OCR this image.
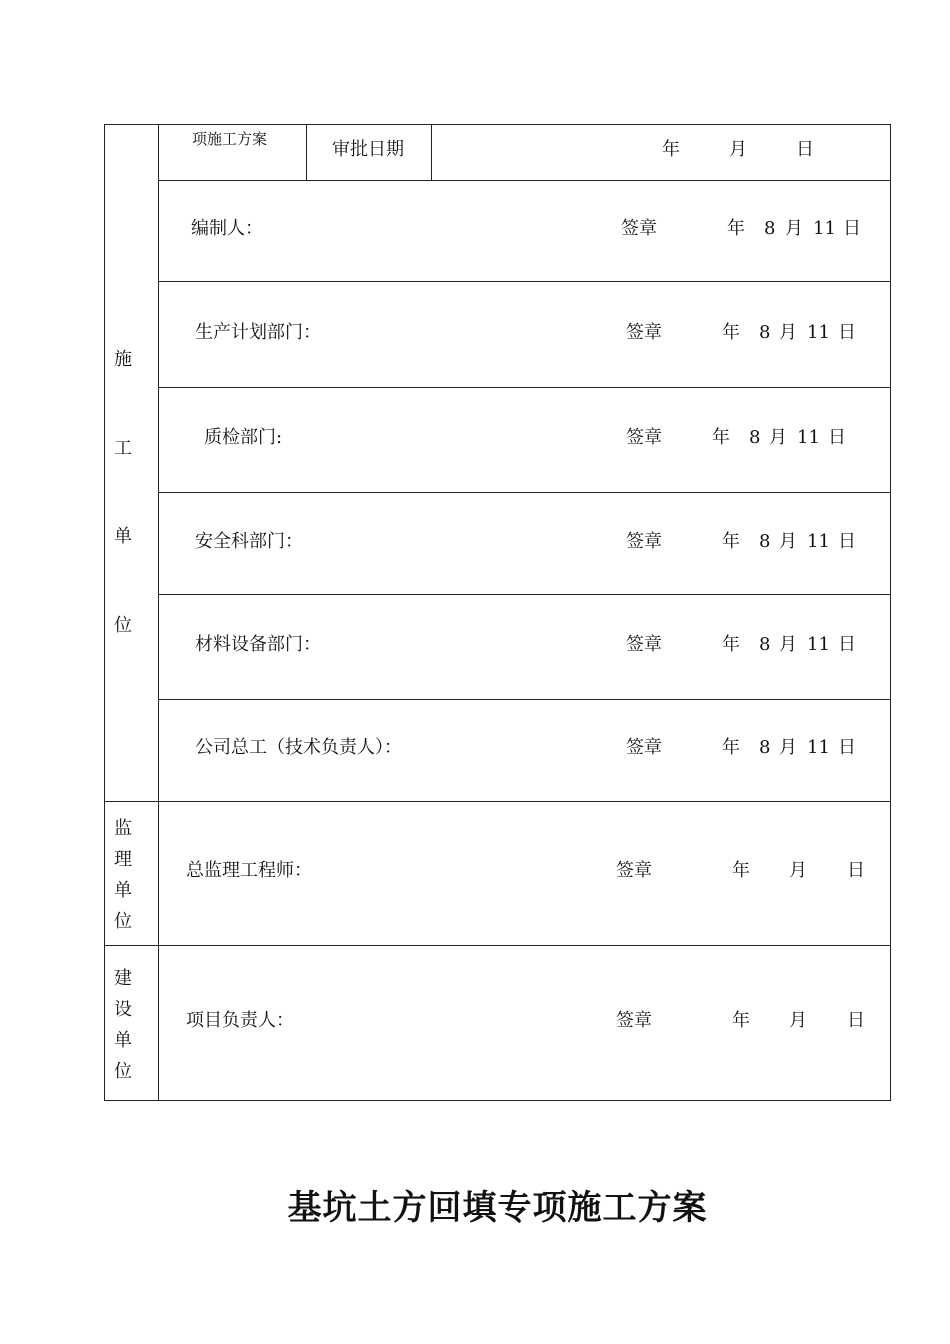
项施工方案	审批日期	年	月	日
施
工
单
位
编制人：	签章	年 8 月 11 日
生产计划部门：	签章	年 8 月 11 日
质检部门:	签章	年 8 月 11 日
安全科部门：	签章	年 8 月 11 日
材料设备部门：	签章	年 8 月 11 日
公司总工（技术负责人）：	签章	年 8 月 11 日
监
理
单
位
总监理工程师：	签章	年 月 日
建
设
单
位
项目负责人：	签章	年 月 日
基坑土方回填专项施工方案
